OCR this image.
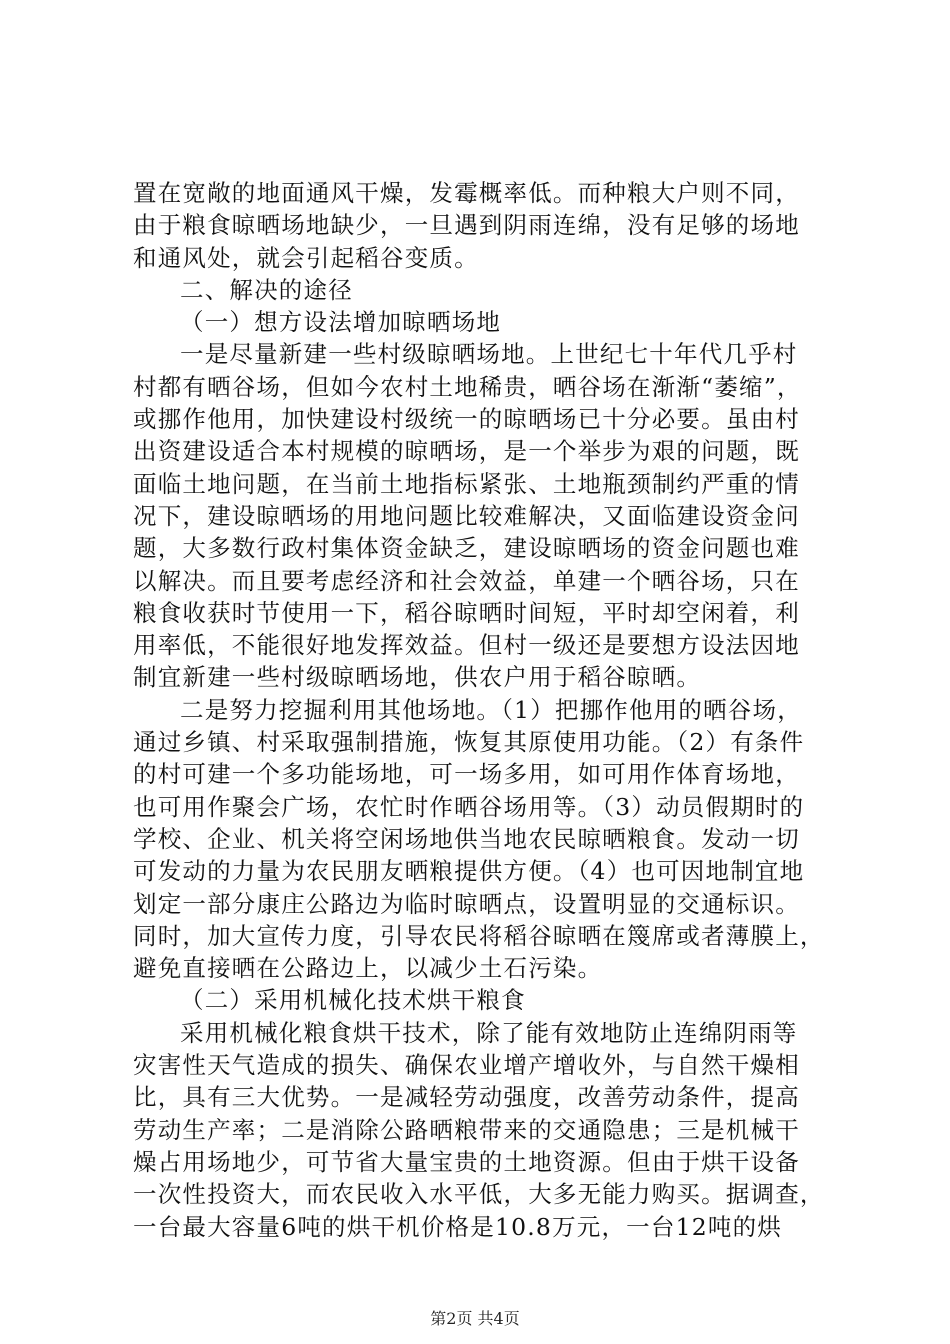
置在宽敞的地面通风干燥，发霉概率低。而种粮大户则不同，
由于粮食晾晒场地缺少，一旦遇到阴雨连绵，没有足够的场地
和通风处，就会引起稻谷变质。
二、解决的途径
（一）想方设法增加晾晒场地
一是尽量新建一些村级晾晒场地。上世纪七十年代几乎村
村都有晒谷场，但如今农村土地稀贵，晒谷场在渐渐“萎缩”，
或挪作他用，加快建设村级统一的晾晒场已十分必要。虽由村
出资建设适合本村规模的晾晒场，是一个举步为艰的问题，既
面临土地问题，在当前土地指标紧张、土地瓶颈制约严重的情
况下，建设晾晒场的用地问题比较难解决，又面临建设资金问
题，大多数行政村集体资金缺乏，建设晾晒场的资金问题也难
以解决。而且要考虑经济和社会效益，单建一个晒谷场，只在
粮食收获时节使用一下，稻谷晾晒时间短，平时却空闲着，利
用率低，不能很好地发挥效益。但村一级还是要想方设法因地
制宜新建一些村级晾晒场地，供农户用于稻谷晾晒。
二是努力挖掘利用其他场地。（1）把挪作他用的晒谷场，
通过乡镇、村采取强制措施，恢复其原使用功能。（2）有条件
的村可建一个多功能场地，可一场多用，如可用作体育场地，
也可用作聚会广场，农忙时作晒谷场用等。（3）动员假期时的
学校、企业、机关将空闲场地供当地农民晾晒粮食。发动一切
可发动的力量为农民朋友晒粮提供方便。（4）也可因地制宜地
划定一部分康庄公路边为临时晾晒点，设置明显的交通标识。
同时，加大宣传力度，引导农民将稻谷晾晒在篾席或者薄膜上，
避免直接晒在公路边上，以减少土石污染。
（二）采用机械化技术烘干粮食
采用机械化粮食烘干技术，除了能有效地防止连绵阴雨等
灾害性天气造成的损失、确保农业增产增收外，与自然干燥相
比，具有三大优势。一是减轻劳动强度，改善劳动条件，提高
劳动生产率；二是消除公路晒粮带来的交通隐患；三是机械干
燥占用场地少，可节省大量宝贵的土地资源。但由于烘干设备
一次性投资大，而农民收入水平低，大多无能力购买。据调查，
一台最大容量6吨的烘干机价格是10.8万元，一台12吨的烘
第2页 共4页
